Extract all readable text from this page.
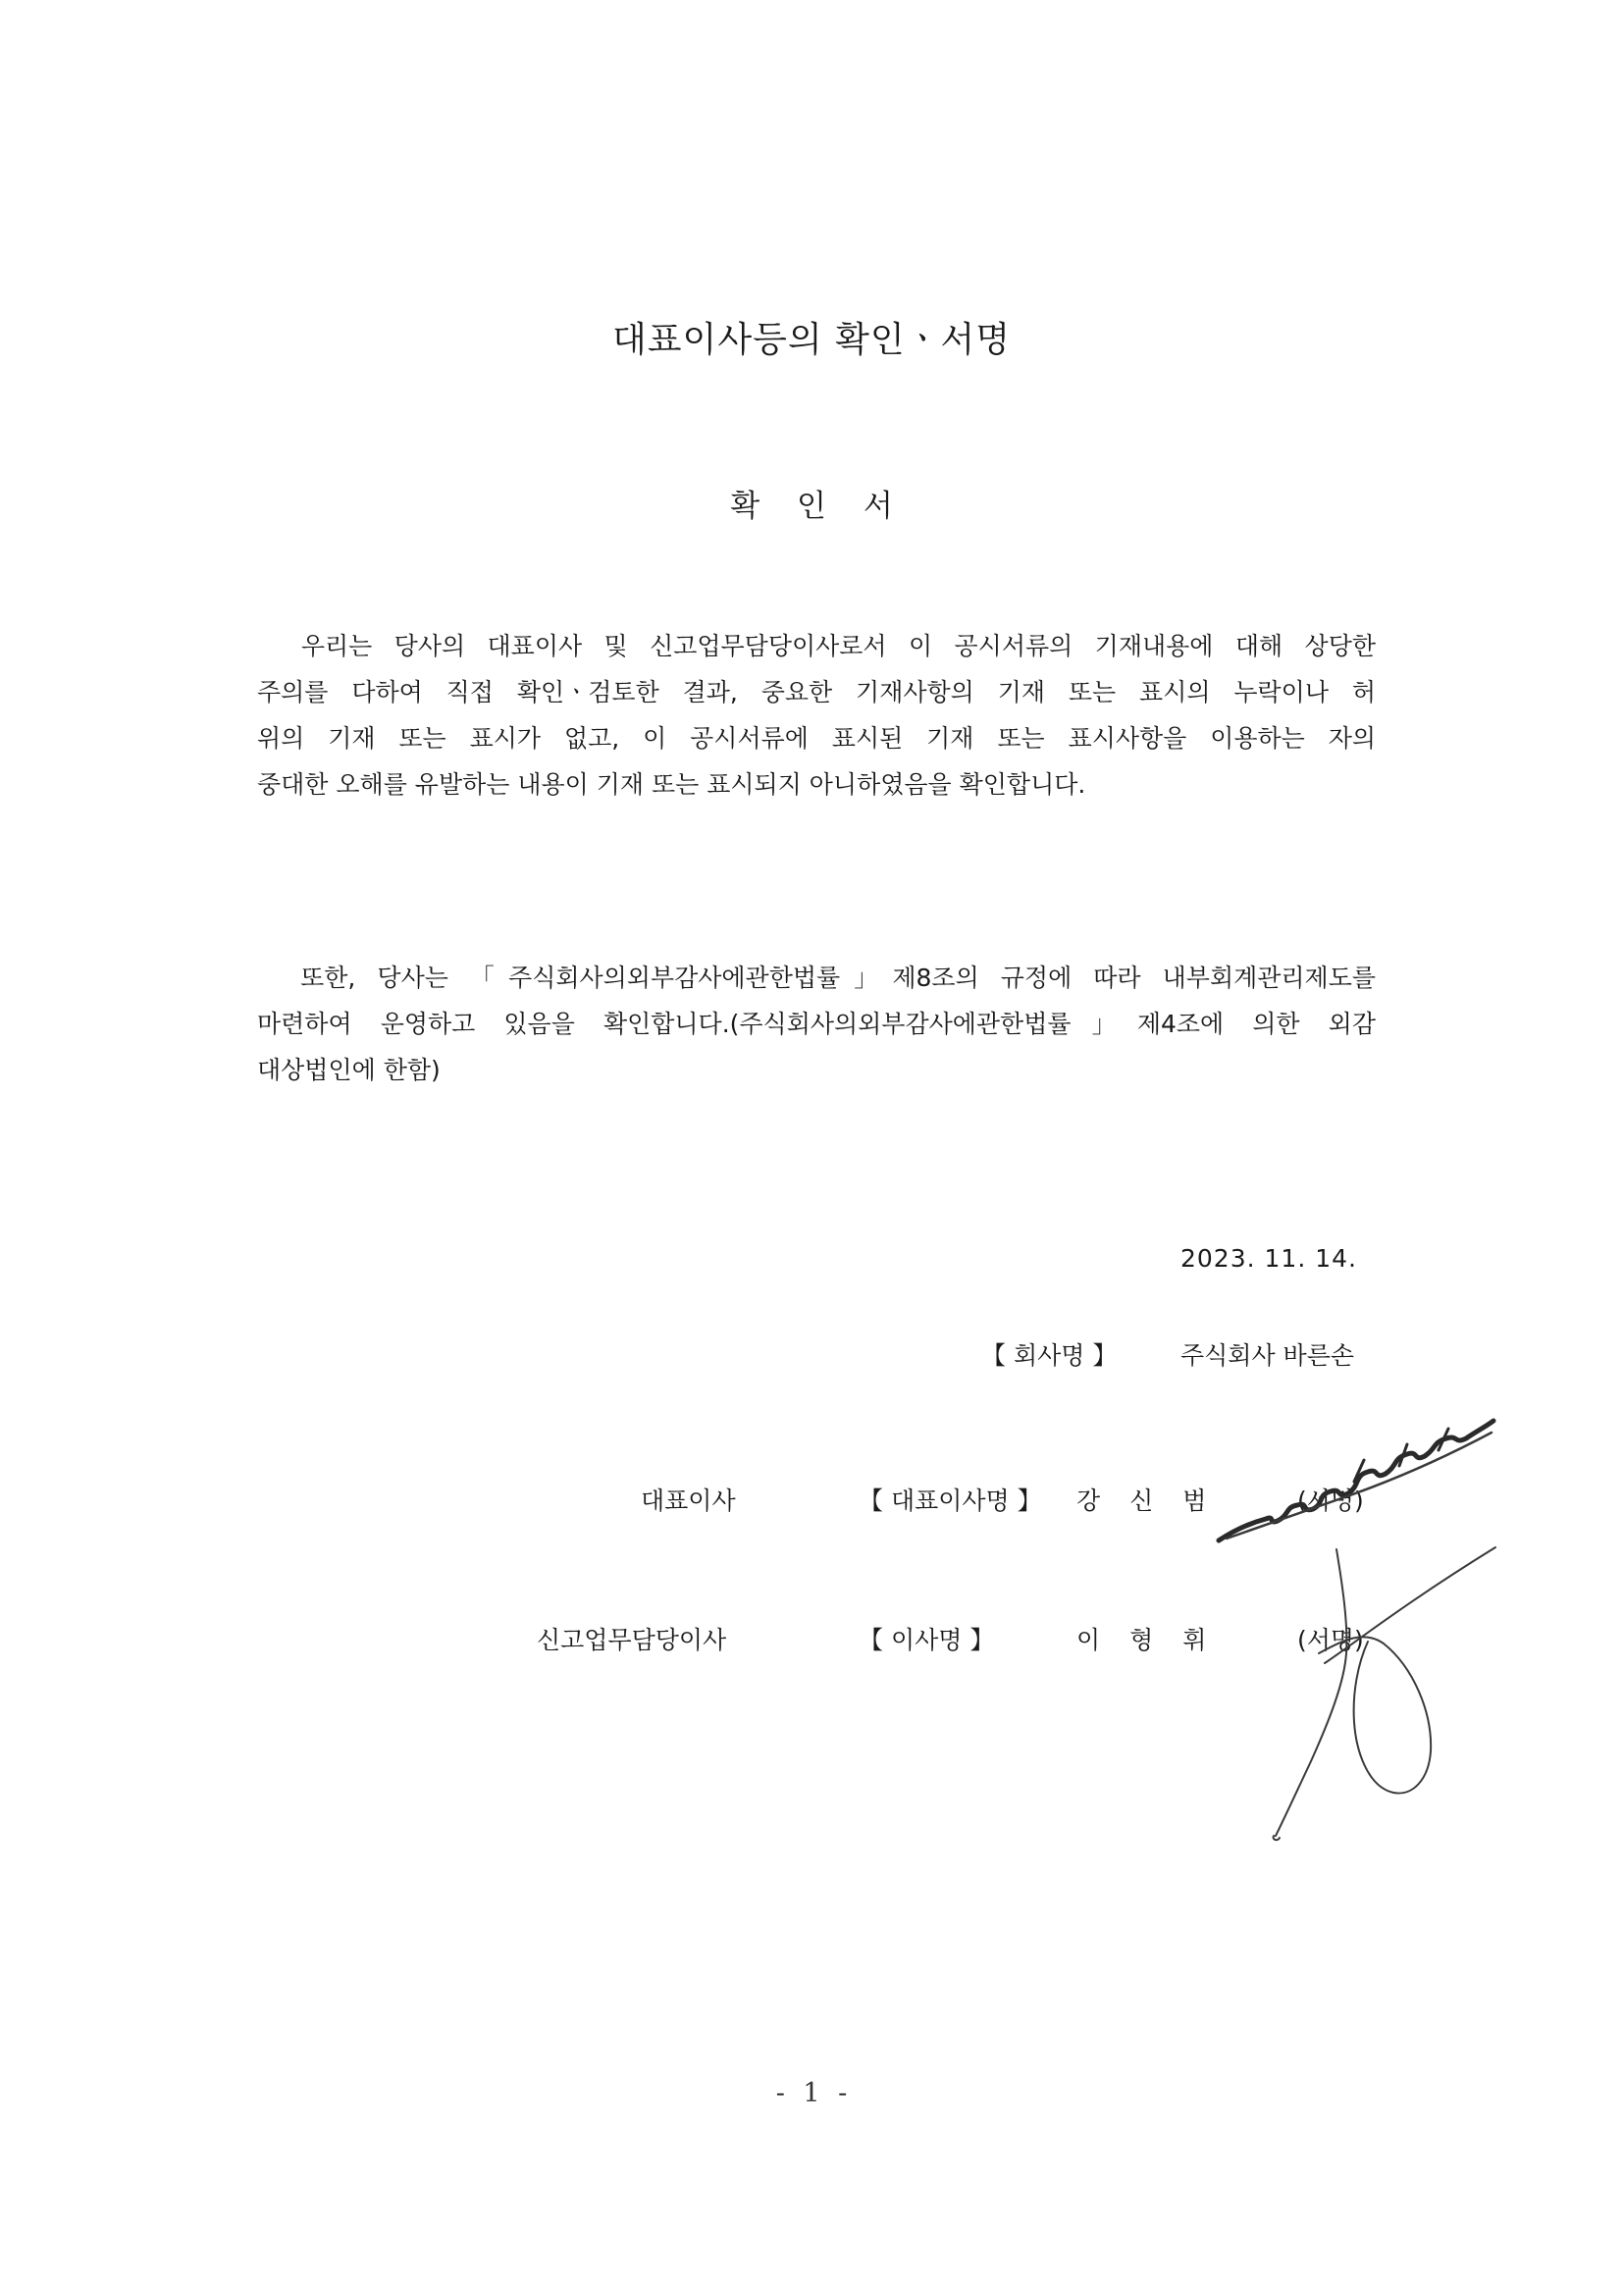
대표이사등의 확인ㆍ서명
확 인 서
우리는 당사의 대표이사 및 신고업무담당이사로서 이 공시서류의 기재내용에 대해 상당한
주의를 다하여 직접 확인ㆍ검토한 결과, 중요한 기재사항의 기재 또는 표시의 누락이나 허
위의 기재 또는 표시가 없고, 이 공시서류에 표시된 기재 또는 표시사항을 이용하는 자의
중대한 오해를 유발하는 내용이 기재 또는 표시되지 아니하였음을 확인합니다.
또한, 당사는 「주식회사의외부감사에관한법률」제8조의 규정에 따라 내부회계관리제도를
마련하여 운영하고 있음을 확인합니다.(주식회사의외부감사에관한법률」제4조에 의한 외감
대상법인에 한함)
2023. 11. 14.
【 회사명 】	주식회사 바른손
대표이사	【 대표이사명 】 강 신 범	(서명)
신고업무담당이사	【 이사명 】	이 형 휘	(서명)
- 1 -
